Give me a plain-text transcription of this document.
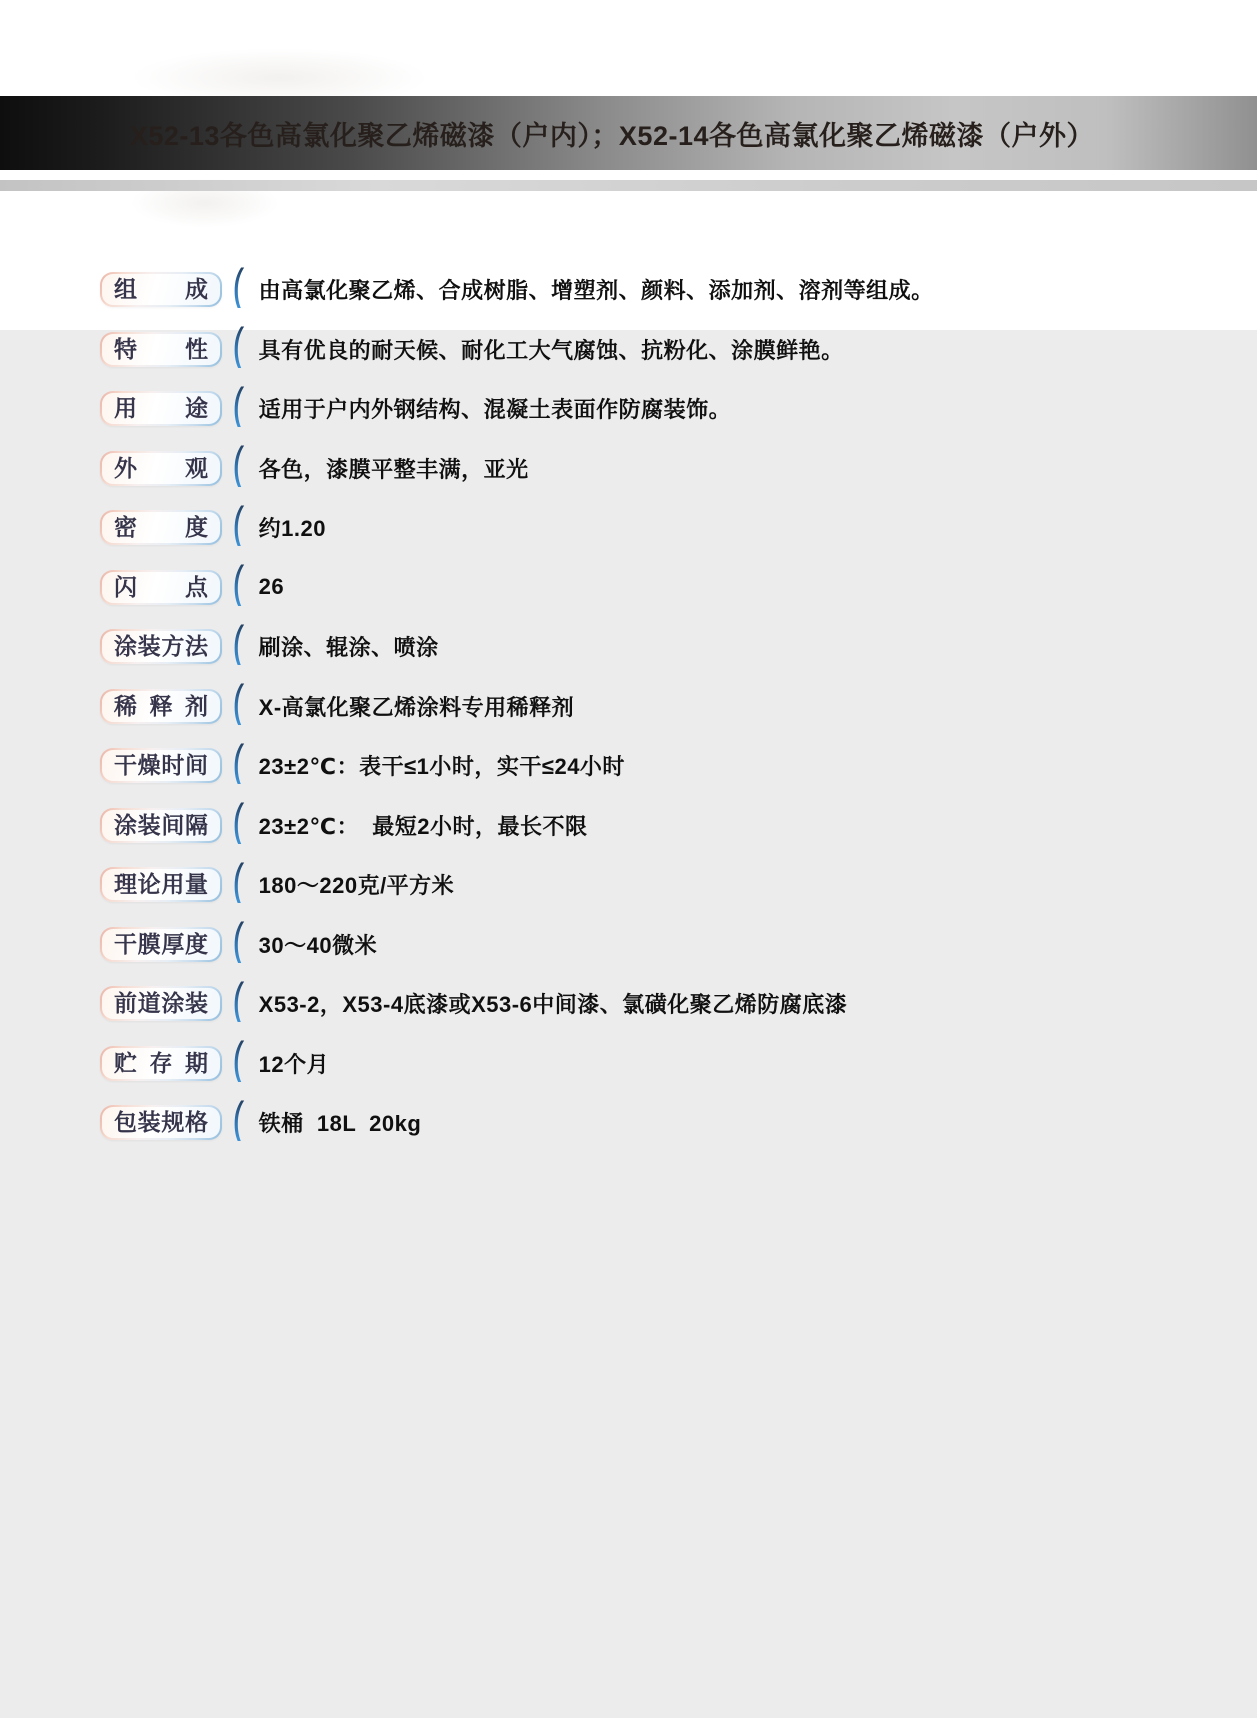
X52-13各色高氯化聚乙烯磁漆（户内）；X52-14各色高氯化聚乙烯磁漆（户外）
组成 ( 由高氯化聚乙烯、合成树脂、增塑剂、颜料、添加剂、溶剂等组成。
特性 ( 具有优良的耐天候、耐化工大气腐蚀、抗粉化、涂膜鲜艳。
用途 ( 适用于户内外钢结构、混凝土表面作防腐装饰。
外观 ( 各色，漆膜平整丰满，亚光
密度 ( 约1.20
闪点 ( 26
涂装方法 ( 刷涂、辊涂、喷涂
稀释剂 ( X-高氯化聚乙烯涂料专用稀释剂
干燥时间 ( 23±2℃：表干≤1小时，实干≤24小时
涂装间隔 ( 23±2℃：  最短2小时，最长不限
理论用量 ( 180～220克/平方米
干膜厚度 ( 30～40微米
前道涂装 ( X53-2，X53-4底漆或X53-6中间漆、氯磺化聚乙烯防腐底漆
贮存期 ( 12个月
包装规格 ( 铁桶  18L  20kg
